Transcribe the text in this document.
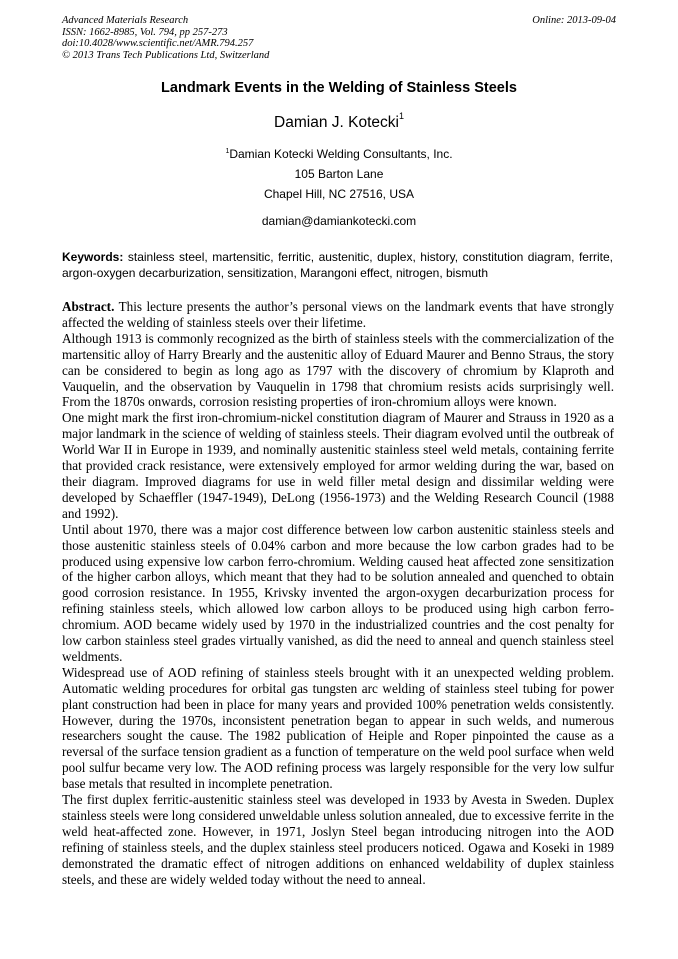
Advanced Materials Research
ISSN: 1662-8985, Vol. 794, pp 257-273
doi:10.4028/www.scientific.net/AMR.794.257
© 2013 Trans Tech Publications Ltd, Switzerland
Online: 2013-09-04
Landmark Events in the Welding of Stainless Steels
Damian J. Kotecki$^1$
$^1$Damian Kotecki Welding Consultants, Inc.
105 Barton Lane
Chapel Hill, NC 27516, USA
damian@damiankotecki.com
Keywords: stainless steel, martensitic, ferritic, austenitic, duplex, history, constitution diagram, ferrite, argon-oxygen decarburization, sensitization, Marangoni effect, nitrogen, bismuth

Abstract. This lecture presents the author’s personal views on the landmark events that have strongly affected the welding of stainless steels over their lifetime.

Although 1913 is commonly recognized as the birth of stainless steels with the commercialization of the martensitic alloy of Harry Brearly and the austenitic alloy of Eduard Maurer and Benno Straus, the story can be considered to begin as long ago as 1797 with the discovery of chromium by Klaproth and Vauquelin, and the observation by Vauquelin in 1798 that chromium resists acids surprisingly well. From the 1870s onwards, corrosion resisting properties of iron-chromium alloys were known.

One might mark the first iron-chromium-nickel constitution diagram of Maurer and Strauss in 1920 as a major landmark in the science of welding of stainless steels. Their diagram evolved until the outbreak of World War II in Europe in 1939, and nominally austenitic stainless steel weld metals, containing ferrite that provided crack resistance, were extensively employed for armor welding during the war, based on their diagram. Improved diagrams for use in weld filler metal design and dissimilar welding were developed by Schaeffler (1947-1949), DeLong (1956-1973) and the Welding Research Council (1988 and 1992).

Until about 1970, there was a major cost difference between low carbon austenitic stainless steels and those austenitic stainless steels of 0.04% carbon and more because the low carbon grades had to be produced using expensive low carbon ferro-chromium. Welding caused heat affected zone sensitization of the higher carbon alloys, which meant that they had to be solution annealed and quenched to obtain good corrosion resistance. In 1955, Krivsky invented the argon-oxygen decarburization process for refining stainless steels, which allowed low carbon alloys to be produced using high carbon ferro-chromium. AOD became widely used by 1970 in the industrialized countries and the cost penalty for low carbon stainless steel grades virtually vanished, as did the need to anneal and quench stainless steel weldments.

Widespread use of AOD refining of stainless steels brought with it an unexpected welding problem. Automatic welding procedures for orbital gas tungsten arc welding of stainless steel tubing for power plant construction had been in place for many years and provided 100% penetration welds consistently. However, during the 1970s, inconsistent penetration began to appear in such welds, and numerous researchers sought the cause. The 1982 publication of Heiple and Roper pinpointed the cause as a reversal of the surface tension gradient as a function of temperature on the weld pool surface when weld pool sulfur became very low. The AOD refining process was largely responsible for the very low sulfur base metals that resulted in incomplete penetration.

The first duplex ferritic-austenitic stainless steel was developed in 1933 by Avesta in Sweden. Duplex stainless steels were long considered unweldable unless solution annealed, due to excessive ferrite in the weld heat-affected zone. However, in 1971, Joslyn Steel began introducing nitrogen into the AOD refining of stainless steels, and the duplex stainless steel producers noticed. Ogawa and Koseki in 1989 demonstrated the dramatic effect of nitrogen additions on enhanced weldability of duplex stainless steels, and these are widely welded today without the need to anneal.
